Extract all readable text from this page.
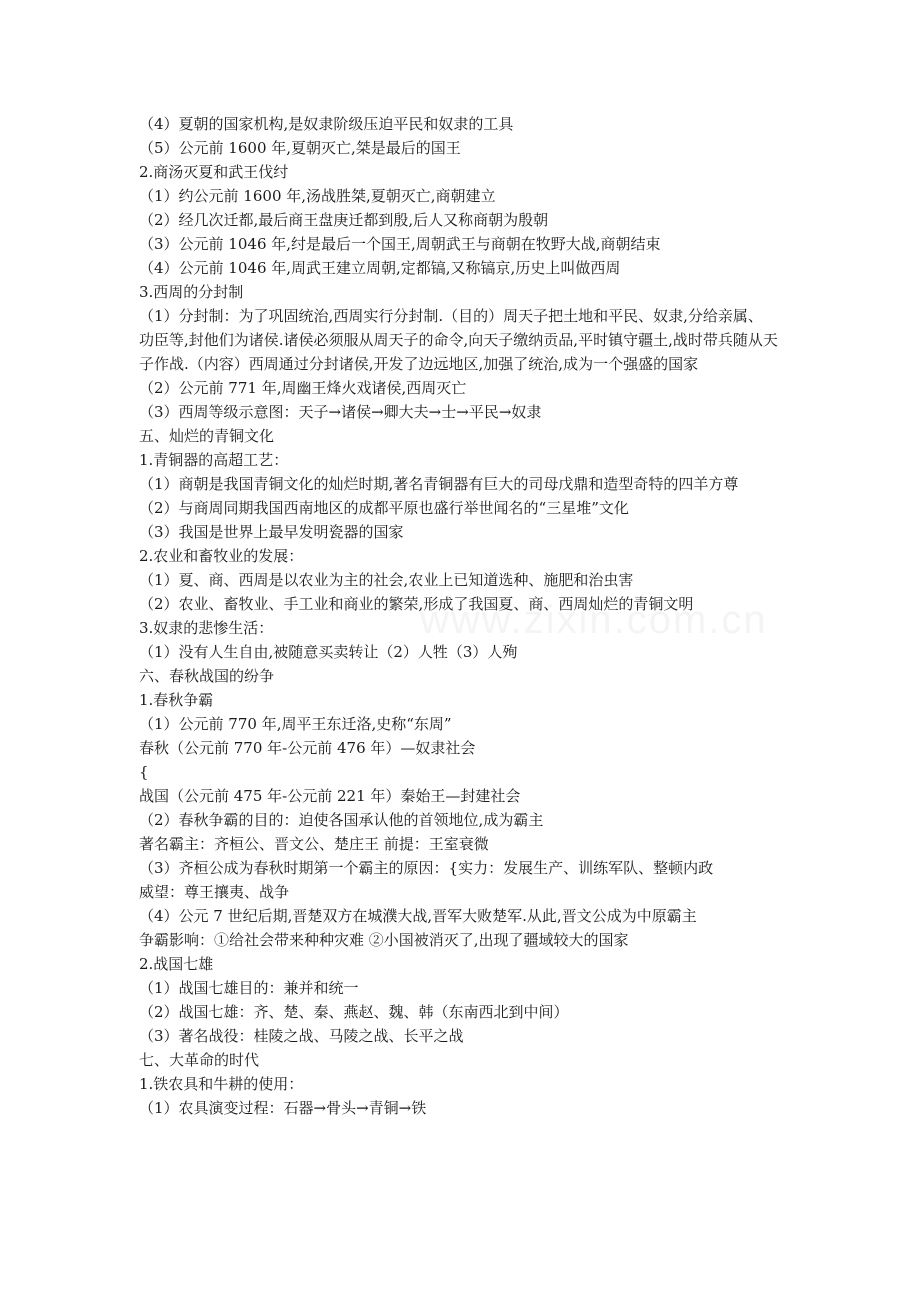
（4）夏朝的国家机构,是奴隶阶级压迫平民和奴隶的工具

（5）公元前 1600 年,夏朝灭亡,桀是最后的国王

2.商汤灭夏和武王伐纣

（1）约公元前 1600 年,汤战胜桀,夏朝灭亡,商朝建立

（2）经几次迁都,最后商王盘庚迁都到殷,后人又称商朝为殷朝

（3）公元前 1046 年,纣是最后一个国王,周朝武王与商朝在牧野大战,商朝结束

（4）公元前 1046 年,周武王建立周朝,定都镐,又称镐京,历史上叫做西周

3.西周的分封制

（1）分封制：为了巩固统治,西周实行分封制.（目的）周天子把土地和平民、奴隶,分给亲属、

功臣等,封他们为诸侯.诸侯必须服从周天子的命令,向天子缴纳贡品,平时镇守疆土,战时带兵随从天子作战.（内容）西周通过分封诸侯,开发了边远地区,加强了统治,成为一个强盛的国家

（2）公元前 771 年,周幽王烽火戏诸侯,西周灭亡

（3）西周等级示意图：天子→诸侯→卿大夫→士→平民→奴隶

五、灿烂的青铜文化

1.青铜器的高超工艺：

（1）商朝是我国青铜文化的灿烂时期,著名青铜器有巨大的司母戊鼎和造型奇特的四羊方尊

（2）与商周同期我国西南地区的成都平原也盛行举世闻名的“三星堆”文化

（3）我国是世界上最早发明瓷器的国家

2.农业和畜牧业的发展：

（1）夏、商、西周是以农业为主的社会,农业上已知道选种、施肥和治虫害

（2）农业、畜牧业、手工业和商业的繁荣,形成了我国夏、商、西周灿烂的青铜文明

3.奴隶的悲惨生活：

（1）没有人生自由,被随意买卖转让（2）人牲（3）人殉

六、春秋战国的纷争

1.春秋争霸

（1）公元前 770 年,周平王东迁洛,史称“东周”

春秋（公元前 770 年-公元前 476 年）—奴隶社会

{

战国（公元前 475 年-公元前 221 年）秦始王—封建社会

（2）春秋争霸的目的：迫使各国承认他的首领地位,成为霸主

著名霸主：齐桓公、晋文公、楚庄王 前提：王室衰微

（3）齐桓公成为春秋时期第一个霸主的原因：{实力：发展生产、训练军队、整顿内政

威望：尊王攘夷、战争

（4）公元 7 世纪后期,晋楚双方在城濮大战,晋军大败楚军.从此,晋文公成为中原霸主

争霸影响：①给社会带来种种灾难 ②小国被消灭了,出现了疆域较大的国家

2.战国七雄

（1）战国七雄目的：兼并和统一

（2）战国七雄：齐、楚、秦、燕赵、魏、韩（东南西北到中间）

（3）著名战役：桂陵之战、马陵之战、长平之战

七、大革命的时代

1.铁农具和牛耕的使用：

（1）农具演变过程：石器→骨头→青铜→铁
